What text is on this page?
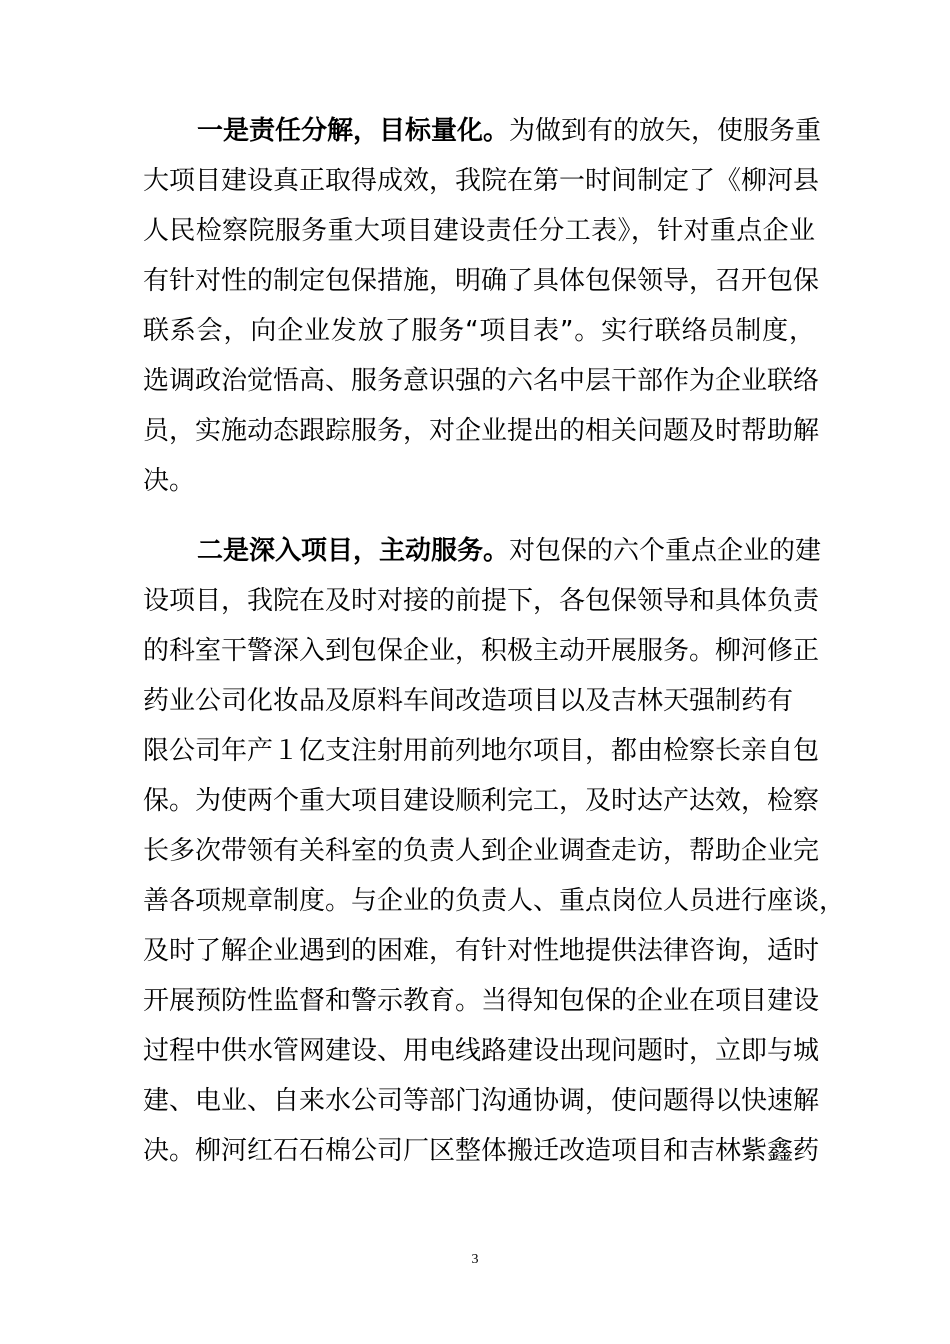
一是责任分解，目标量化。为做到有的放矢，使服务重
大项目建设真正取得成效，我院在第一时间制定了《柳河县
人民检察院服务重大项目建设责任分工表》，针对重点企业
有针对性的制定包保措施，明确了具体包保领导，召开包保
联系会，向企业发放了服务“项目表”。实行联络员制度，
选调政治觉悟高、服务意识强的六名中层干部作为企业联络
员，实施动态跟踪服务，对企业提出的相关问题及时帮助解
决。
二是深入项目，主动服务。对包保的六个重点企业的建
设项目，我院在及时对接的前提下，各包保领导和具体负责
的科室干警深入到包保企业，积极主动开展服务。柳河修正
药业公司化妆品及原料车间改造项目以及吉林天强制药有
限公司年产１亿支注射用前列地尔项目，都由检察长亲自包
保。为使两个重大项目建设顺利完工，及时达产达效，检察
长多次带领有关科室的负责人到企业调查走访，帮助企业完
善各项规章制度。与企业的负责人、重点岗位人员进行座谈，
及时了解企业遇到的困难，有针对性地提供法律咨询，适时
开展预防性监督和警示教育。当得知包保的企业在项目建设
过程中供水管网建设、用电线路建设出现问题时，立即与城
建、电业、自来水公司等部门沟通协调，使问题得以快速解
决。柳河红石石棉公司厂区整体搬迁改造项目和吉林紫鑫药
3
